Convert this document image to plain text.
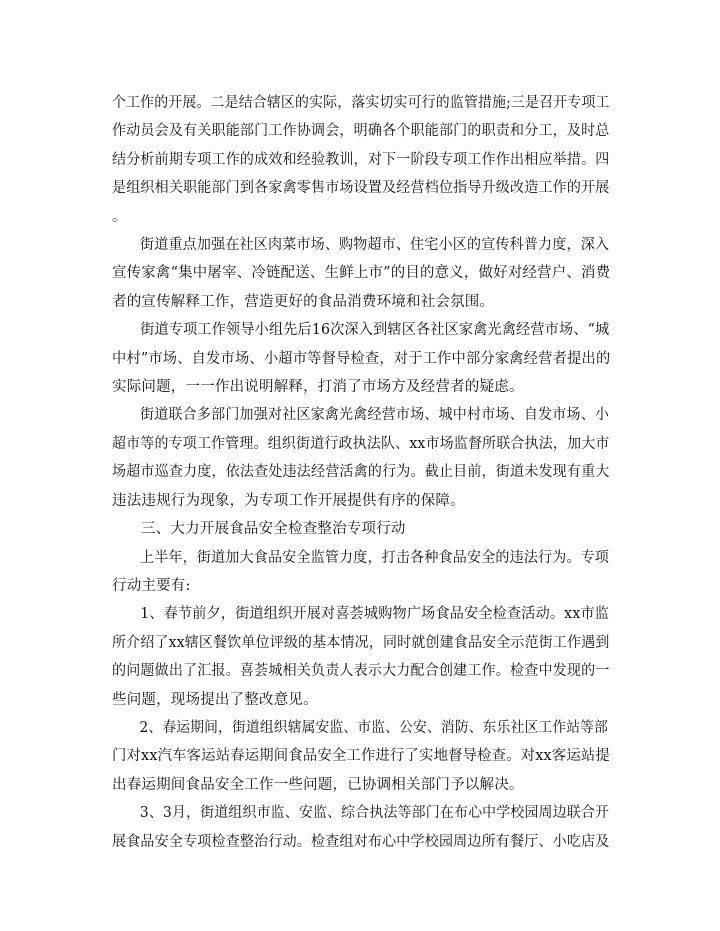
个工作的开展。二是结合辖区的实际，落实切实可行的监管措施;三是召开专项工
作动员会及有关职能部门工作协调会，明确各个职能部门的职责和分工，及时总
结分析前期专项工作的成效和经验教训，对下一阶段专项工作作出相应举措。四
是组织相关职能部门到各家禽零售市场设置及经营档位指导升级改造工作的开展
。

街道重点加强在社区肉菜市场、购物超市、住宅小区的宣传科普力度，深入
宣传家禽“集中屠宰、冷链配送、生鲜上市”的目的意义，做好对经营户、消费
者的宣传解释工作，营造更好的食品消费环境和社会氛围。

街道专项工作领导小组先后16次深入到辖区各社区家禽光禽经营市场、“城
中村”市场、自发市场、小超市等督导检查，对于工作中部分家禽经营者提出的
实际问题，一一作出说明解释，打消了市场方及经营者的疑虑。

街道联合多部门加强对社区家禽光禽经营市场、城中村市场、自发市场、小
超市等的专项工作管理。组织街道行政执法队、xx市场监督所联合执法，加大市
场超市巡查力度，依法查处违法经营活禽的行为。截止目前，街道未发现有重大
违法违规行为现象，为专项工作开展提供有序的保障。

三、大力开展食品安全检查整治专项行动

上半年，街道加大食品安全监管力度，打击各种食品安全的违法行为。专项
行动主要有:

1、春节前夕，街道组织开展对喜荟城购物广场食品安全检查活动。xx市监
所介绍了xx辖区餐饮单位评级的基本情况，同时就创建食品安全示范街工作遇到
的问题做出了汇报。喜荟城相关负责人表示大力配合创建工作。检查中发现的一
些问题，现场提出了整改意见。

2、春运期间，街道组织辖属安监、市监、公安、消防、东乐社区工作站等部
门对xx汽车客运站春运期间食品安全工作进行了实地督导检查。对xx客运站提
出春运期间食品安全工作一些问题，已协调相关部门予以解决。

3、3月，街道组织市监、安监、综合执法等部门在布心中学校园周边联合开
展食品安全专项检查整治行动。检查组对布心中学校园周边所有餐厅、小吃店及
